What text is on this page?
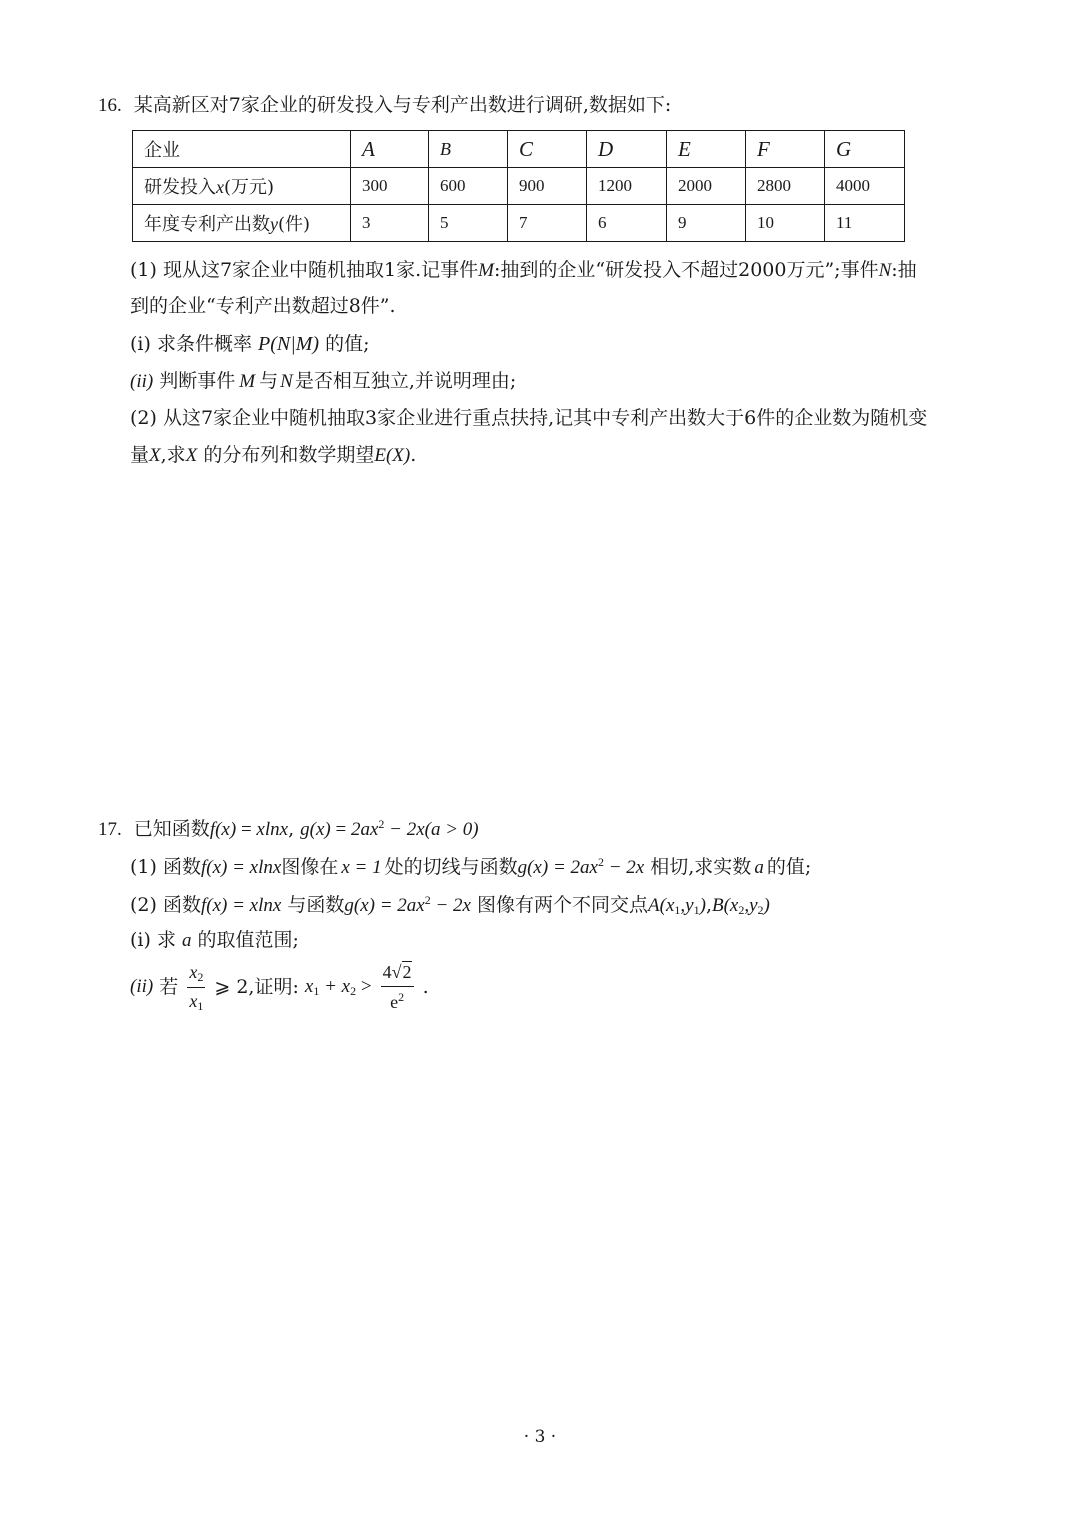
16. 某高新区对7家企业的研发投入与专利产出数进行调研,数据如下:
企业	A	B	C	D	E	F	G
研发投入x(万元)	300	600	900	1200	2000	2800	4000
年度专利产出数y(件)	3	5	7	6	9	10	11
(1) 现从这7家企业中随机抽取1家.记事件M:抽到的企业“研发投入不超过2000万元”;事件N:抽
到的企业“专利产出数超过8件”.
(i) 求条件概率 P(N|M) 的值;
(ii) 判断事件 M 与 N 是否相互独立,并说明理由;
(2) 从这7家企业中随机抽取3家企业进行重点扶持,记其中专利产出数大于6件的企业数为随机变
量X,求X 的分布列和数学期望E(X).
17. 已知函数f(x) = xlnx, $g(x) = 2ax^2 - 2x(a > 0)$
(1) 函数f(x) = xlnx图像在 x = 1 处的切线与函数$g(x) = 2ax^2 - 2x$ 相切,求实数 a 的值;
(2) 函数f(x) = xlnx 与函数$g(x) = 2ax^2 - 2x$ 图像有两个不同交点$A(x_1,y_1),B(x_2,y_2)$
(i) 求 a 的取值范围;
(ii) 若 $\frac{x_2}{x_1}$ ⩾ 2,证明: $x_1 + x_2 > \frac{4√2}{e^2}$ .
· 3 ·
